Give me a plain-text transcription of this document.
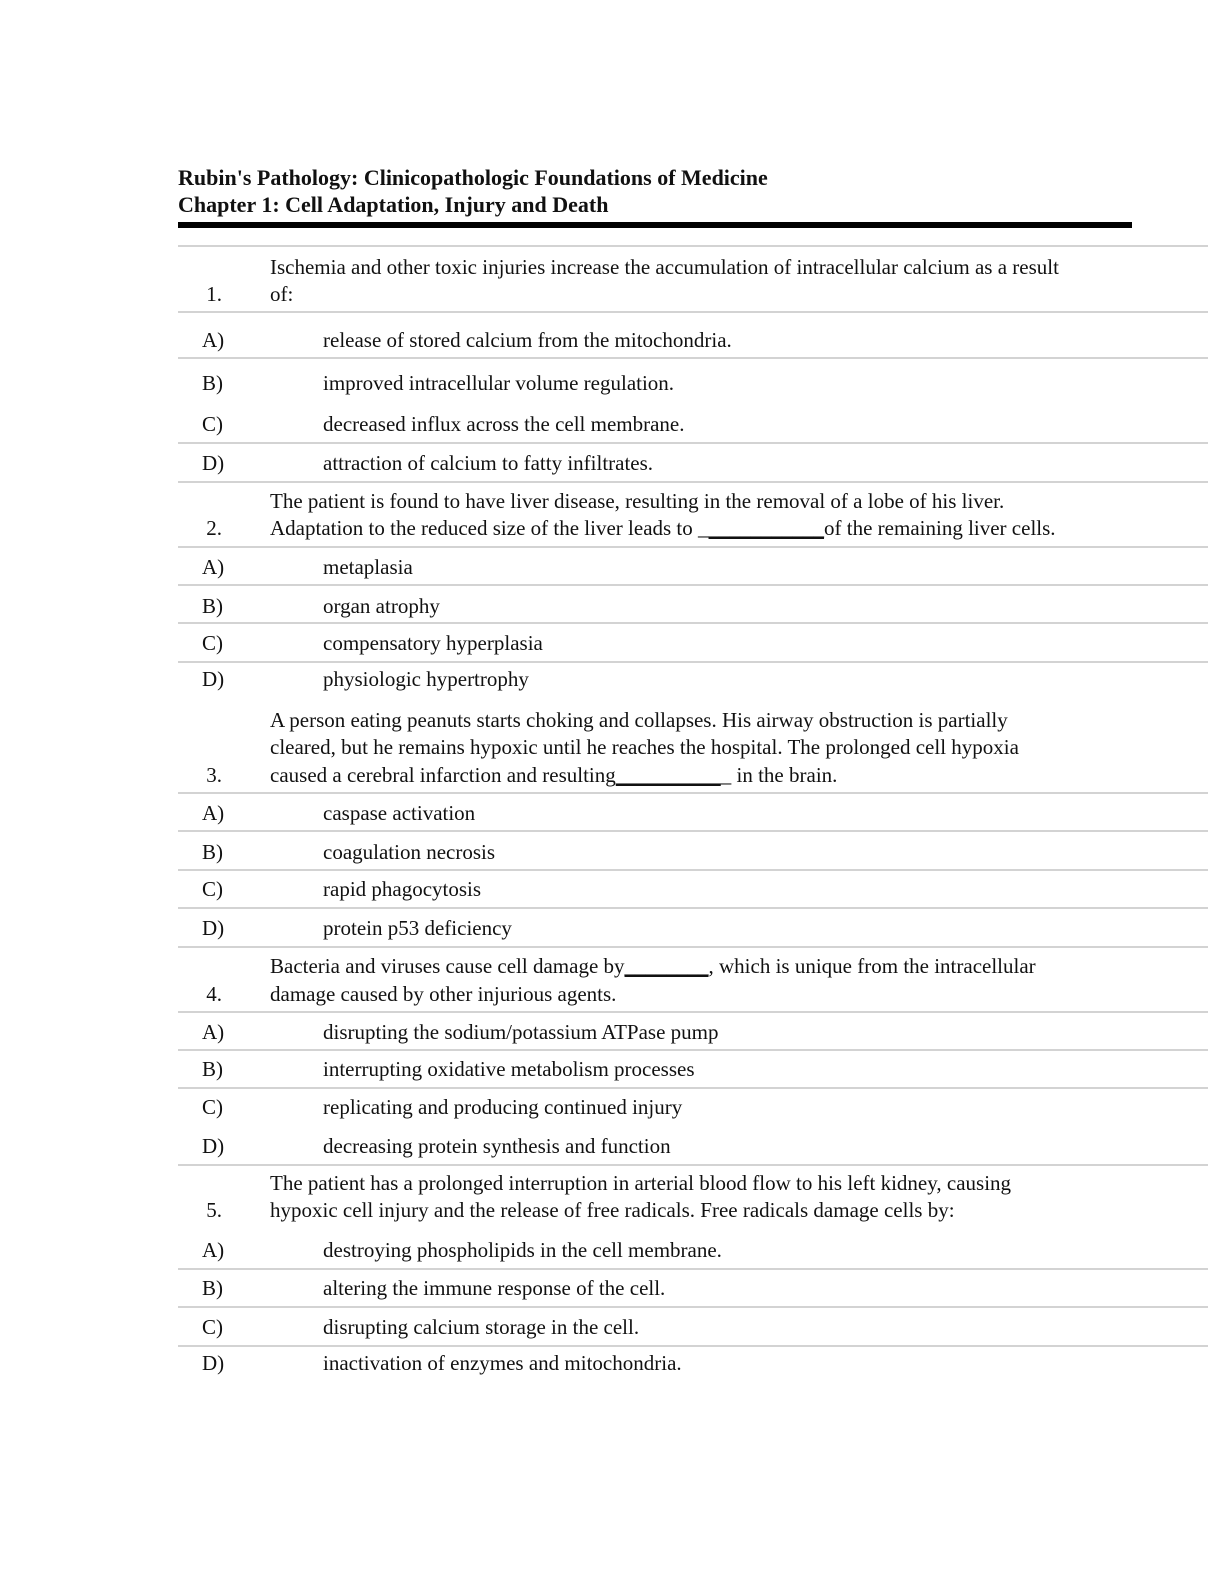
Rubin's Pathology: Clinicopathologic Foundations of Medicine
Chapter 1: Cell Adaptation, Injury and Death
1.
Ischemia and other toxic injuries increase the accumulation of intracellular calcium as a result
of:
A)	release of stored calcium from the mitochondria.
B)	improved intracellular volume regulation.
C)	decreased influx across the cell membrane.
D)	attraction of calcium to fatty infiltrates.
2.
The patient is found to have liver disease, resulting in the removal of a lobe of his liver.
Adaptation to the reduced size of the liver leads to ____________of the remaining liver cells.
A)	metaplasia
B)	organ atrophy
C)	compensatory hyperplasia
D)	physiologic hypertrophy
3.
A person eating peanuts starts choking and collapses. His airway obstruction is partially
cleared, but he remains hypoxic until he reaches the hospital. The prolonged cell hypoxia
caused a cerebral infarction and resulting___________ in the brain.
A)	caspase activation
B)	coagulation necrosis
C)	rapid phagocytosis
D)	protein p53 deficiency
4.
Bacteria and viruses cause cell damage by________, which is unique from the intracellular
damage caused by other injurious agents.
A)	disrupting the sodium/potassium ATPase pump
B)	interrupting oxidative metabolism processes
C)	replicating and producing continued injury
D)	decreasing protein synthesis and function
5.
The patient has a prolonged interruption in arterial blood flow to his left kidney, causing
hypoxic cell injury and the release of free radicals. Free radicals damage cells by:
A)	destroying phospholipids in the cell membrane.
B)	altering the immune response of the cell.
C)	disrupting calcium storage in the cell.
D)	inactivation of enzymes and mitochondria.
